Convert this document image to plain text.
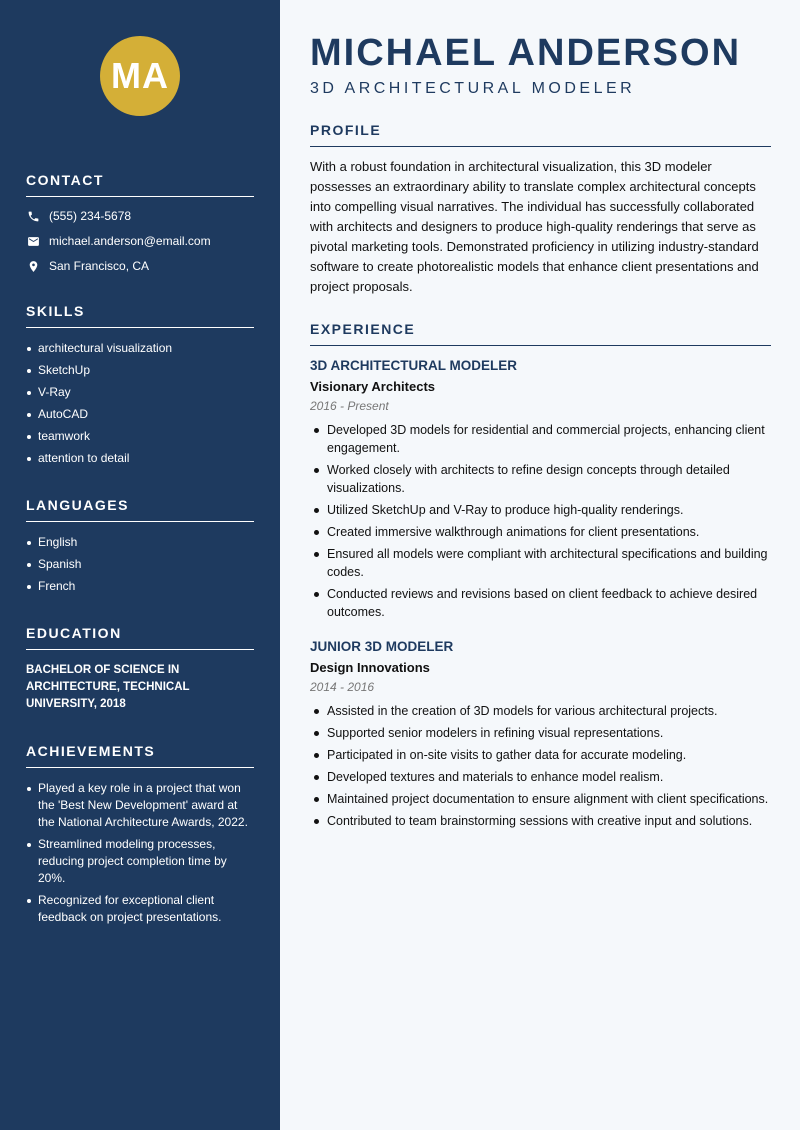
MA
CONTACT
(555) 234-5678
michael.anderson@email.com
San Francisco, CA
SKILLS
architectural visualization
SketchUp
V-Ray
AutoCAD
teamwork
attention to detail
LANGUAGES
English
Spanish
French
EDUCATION
BACHELOR OF SCIENCE IN ARCHITECTURE, TECHNICAL UNIVERSITY, 2018
ACHIEVEMENTS
Played a key role in a project that won the 'Best New Development' award at the National Architecture Awards, 2022.
Streamlined modeling processes, reducing project completion time by 20%.
Recognized for exceptional client feedback on project presentations.
MICHAEL ANDERSON
3D ARCHITECTURAL MODELER
PROFILE

With a robust foundation in architectural visualization, this 3D modeler possesses an extraordinary ability to translate complex architectural concepts into compelling visual narratives. The individual has successfully collaborated with architects and designers to produce high-quality renderings that serve as pivotal marketing tools. Demonstrated proficiency in utilizing industry-standard software to create photorealistic models that enhance client presentations and project proposals.

EXPERIENCE
3D ARCHITECTURAL MODELER
Visionary Architects
2016 - Present
Developed 3D models for residential and commercial projects, enhancing client engagement.
Worked closely with architects to refine design concepts through detailed visualizations.
Utilized SketchUp and V-Ray to produce high-quality renderings.
Created immersive walkthrough animations for client presentations.
Ensured all models were compliant with architectural specifications and building codes.
Conducted reviews and revisions based on client feedback to achieve desired outcomes.
JUNIOR 3D MODELER
Design Innovations
2014 - 2016
Assisted in the creation of 3D models for various architectural projects.
Supported senior modelers in refining visual representations.
Participated in on-site visits to gather data for accurate modeling.
Developed textures and materials to enhance model realism.
Maintained project documentation to ensure alignment with client specifications.
Contributed to team brainstorming sessions with creative input and solutions.
